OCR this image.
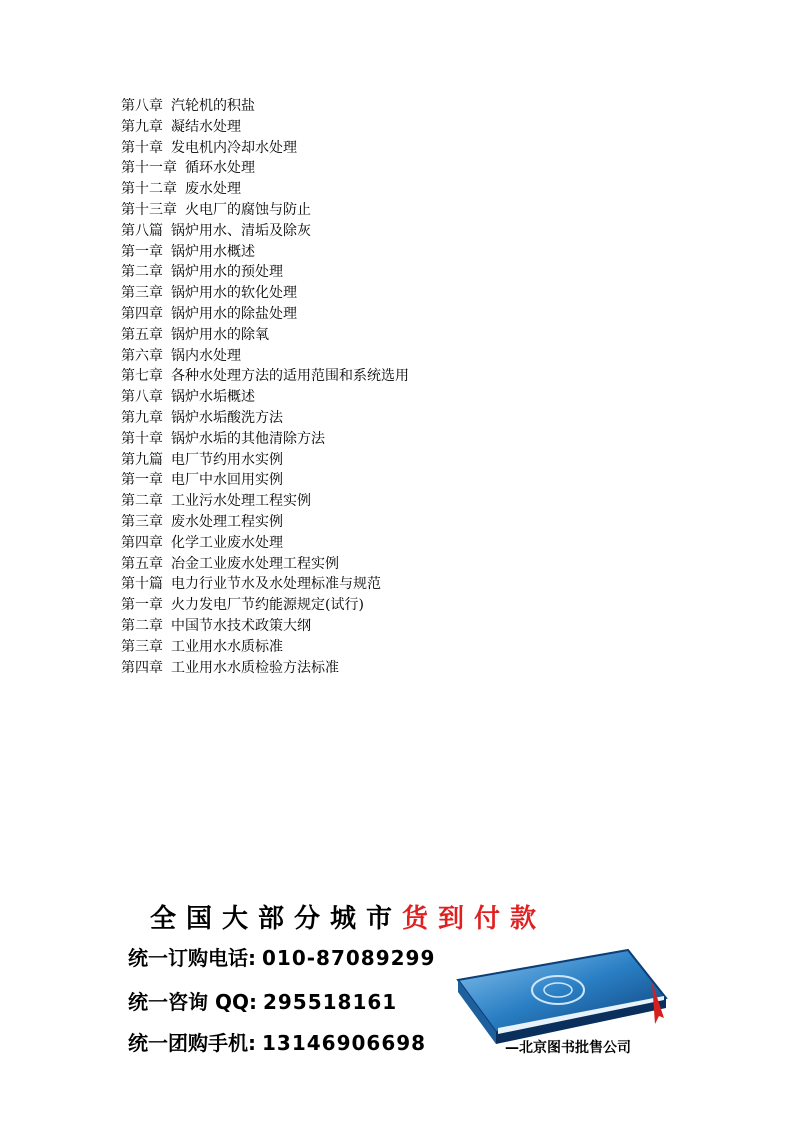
第八章 汽轮机的积盐
第九章 凝结水处理
第十章 发电机内冷却水处理
第十一章 循环水处理
第十二章 废水处理
第十三章 火电厂的腐蚀与防止
第八篇 锅炉用水、清垢及除灰
第一章 锅炉用水概述
第二章 锅炉用水的预处理
第三章 锅炉用水的软化处理
第四章 锅炉用水的除盐处理
第五章 锅炉用水的除氧
第六章 锅内水处理
第七章 各种水处理方法的适用范围和系统选用
第八章 锅炉水垢概述
第九章 锅炉水垢酸洗方法
第十章 锅炉水垢的其他清除方法
第九篇 电厂节约用水实例
第一章 电厂中水回用实例
第二章 工业污水处理工程实例
第三章 废水处理工程实例
第四章 化学工业废水处理
第五章 冶金工业废水处理工程实例
第十篇 电力行业节水及水处理标准与规范
第一章 火力发电厂节约能源规定(试行)
第二章 中国节水技术政策大纲
第三章 工业用水水质标准
第四章 工业用水水质检验方法标准
全国大部分城市货到付款
统一订购电话: 010-87089299
统一咨询 QQ: 295518161
统一团购手机: 13146906698	—北京图书批售公司
